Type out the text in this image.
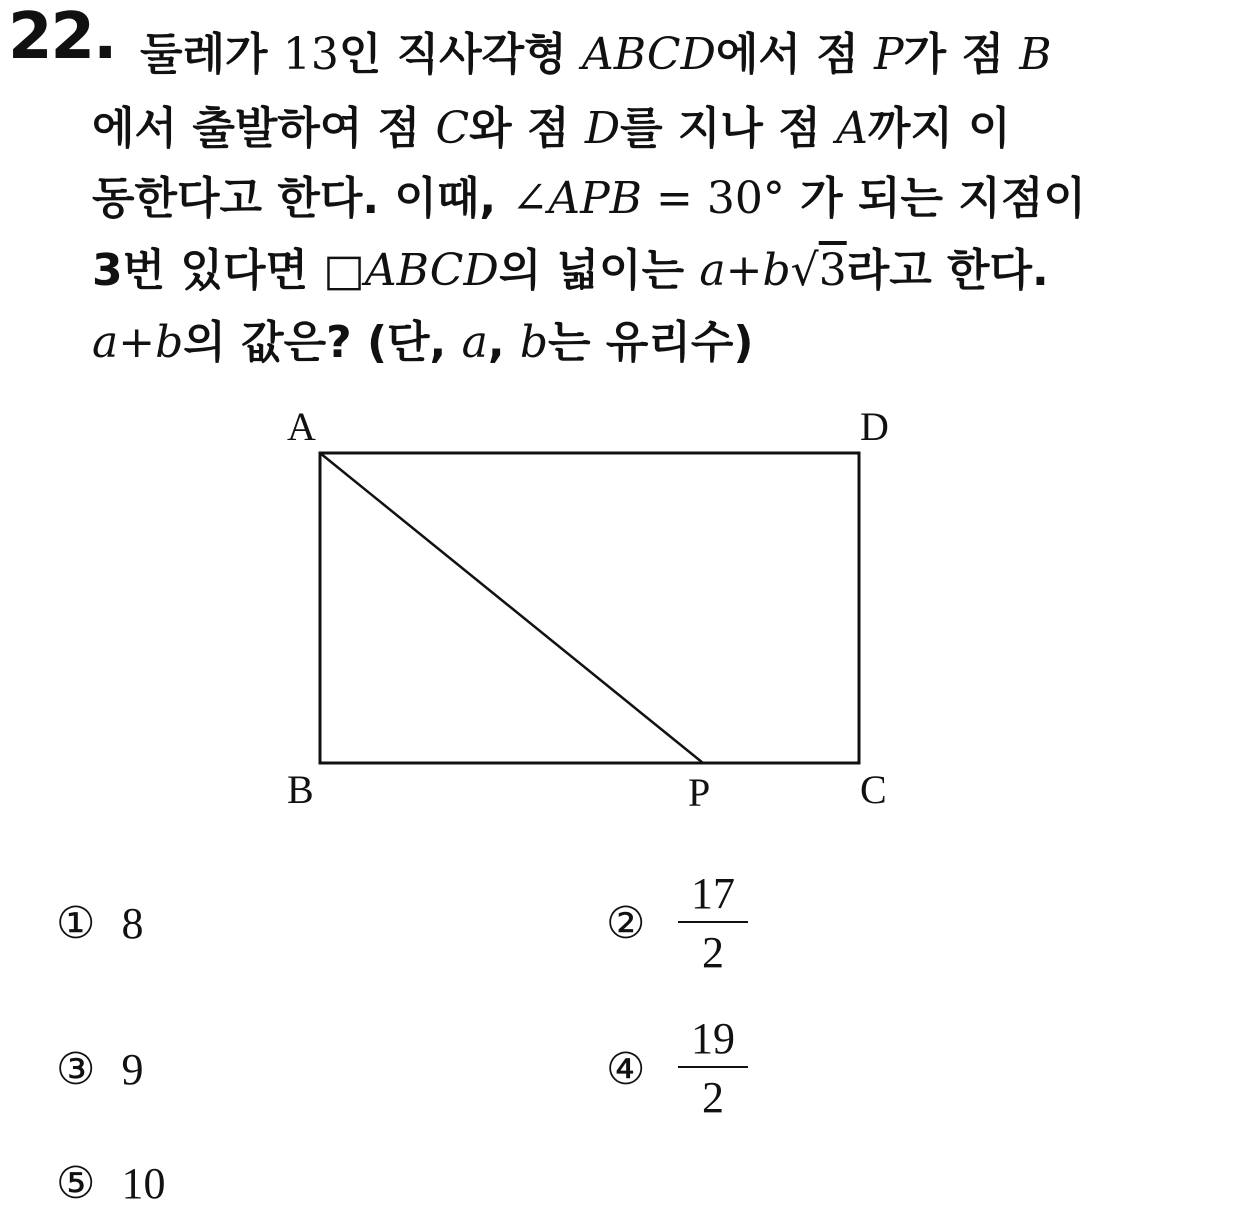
22. 둘레가 13인 직사각형 ABCD에서 점 P가 점 B
에서 출발하여 점 C와 점 D를 지나 점 A까지 이
동한다고 한다. 이때, ∠APB = 30° 가 되는 지점이
3번 있다면 □ABCD의 넓이는 a+b√3라고 한다.
a+b의 값은? (단, a, b는 유리수)
A	D
B	P	C
① 8	②
17
2
③ 9	④
19
2
⑤ 10
